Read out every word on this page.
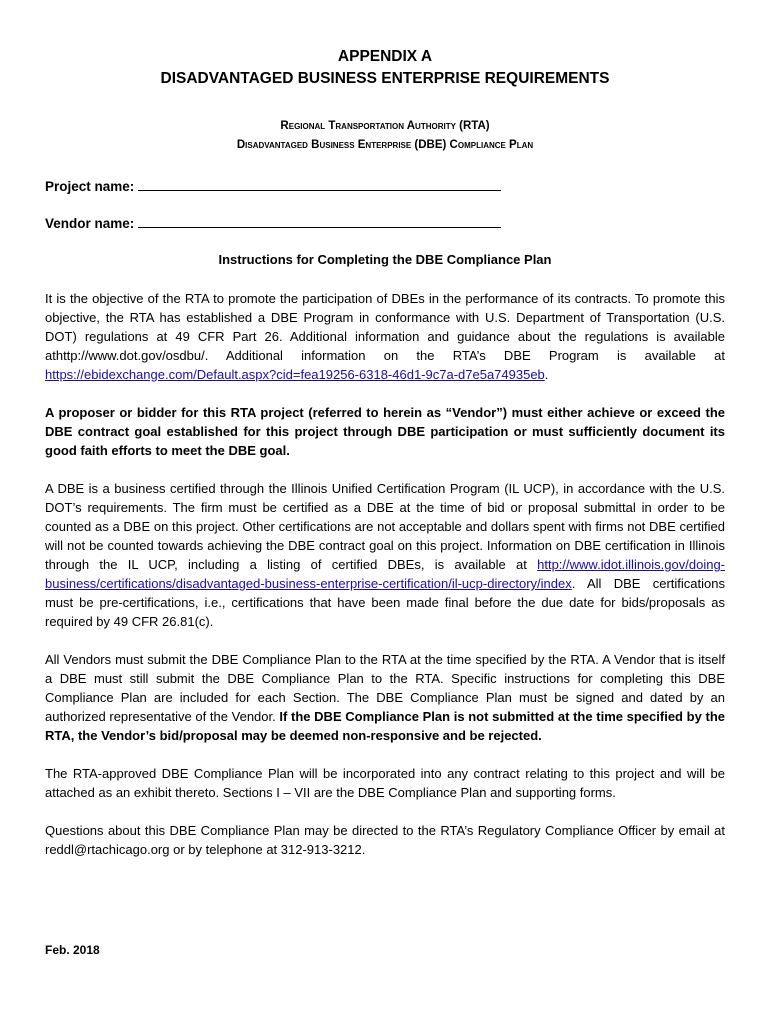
APPENDIX A
DISADVANTAGED BUSINESS ENTERPRISE REQUIREMENTS
Regional Transportation Authority (RTA)
Disadvantaged Business Enterprise (DBE) Compliance Plan
Project name:
Vendor name:
Instructions for Completing the DBE Compliance Plan
It is the objective of the RTA to promote the participation of DBEs in the performance of its contracts. To promote this objective, the RTA has established a DBE Program in conformance with U.S. Department of Transportation (U.S. DOT) regulations at 49 CFR Part 26. Additional information and guidance about the regulations is available athttp://www.dot.gov/osdbu/. Additional information on the RTA’s DBE Program is available at https://ebidexchange.com/Default.aspx?cid=fea19256-6318-46d1-9c7a-d7e5a74935eb.
A proposer or bidder for this RTA project (referred to herein as “Vendor”) must either achieve or exceed the DBE contract goal established for this project through DBE participation or must sufficiently document its good faith efforts to meet the DBE goal.
A DBE is a business certified through the Illinois Unified Certification Program (IL UCP), in accordance with the U.S. DOT’s requirements. The firm must be certified as a DBE at the time of bid or proposal submittal in order to be counted as a DBE on this project. Other certifications are not acceptable and dollars spent with firms not DBE certified will not be counted towards achieving the DBE contract goal on this project. Information on DBE certification in Illinois through the IL UCP, including a listing of certified DBEs, is available at http://www.idot.illinois.gov/doing-business/certifications/disadvantaged-business-enterprise-certification/il-ucp-directory/index. All DBE certifications must be pre-certifications, i.e., certifications that have been made final before the due date for bids/proposals as required by 49 CFR 26.81(c).
All Vendors must submit the DBE Compliance Plan to the RTA at the time specified by the RTA. A Vendor that is itself a DBE must still submit the DBE Compliance Plan to the RTA. Specific instructions for completing this DBE Compliance Plan are included for each Section. The DBE Compliance Plan must be signed and dated by an authorized representative of the Vendor. If the DBE Compliance Plan is not submitted at the time specified by the RTA, the Vendor’s bid/proposal may be deemed non-responsive and be rejected.
The RTA-approved DBE Compliance Plan will be incorporated into any contract relating to this project and will be attached as an exhibit thereto. Sections I – VII are the DBE Compliance Plan and supporting forms.
Questions about this DBE Compliance Plan may be directed to the RTA’s Regulatory Compliance Officer by email at reddl@rtachicago.org or by telephone at 312-913-3212.
Feb. 2018
